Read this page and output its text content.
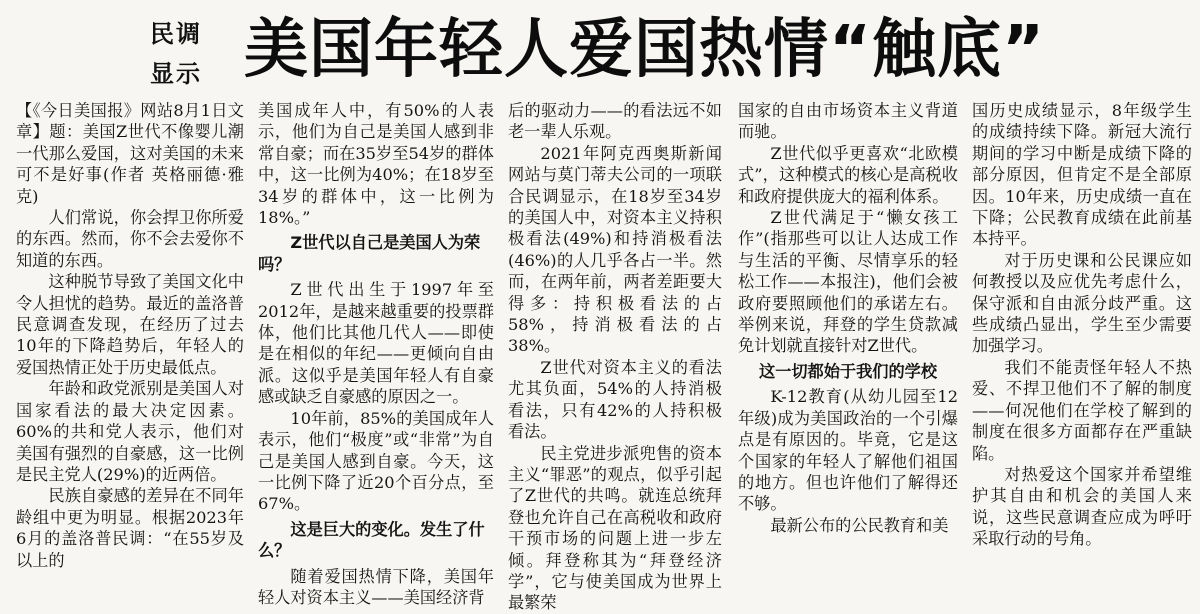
民调
显示 美国年轻人爱国热情“触底”

【《今日美国报》网站8月1日文章】题：美国Z世代不像婴儿潮一代那么爱国，这对美国的未来可不是好事(作者 英格丽德·雅克)

人们常说，你会捍卫你所爱的东西。然而，你不会去爱你不知道的东西。

这种脱节导致了美国文化中令人担忧的趋势。最近的盖洛普民意调查发现，在经历了过去10年的下降趋势后，年轻人的爱国热情正处于历史最低点。

年龄和政党派别是美国人对国家看法的最大决定因素。60%的共和党人表示，他们对美国有强烈的自豪感，这一比例是民主党人(29%)的近两倍。

民族自豪感的差异在不同年龄组中更为明显。根据2023年6月的盖洛普民调：“在55岁及以上的

美国成年人中，有50%的人表示，他们为自己是美国人感到非常自豪；而在35岁至54岁的群体中，这一比例为40%；在18岁至34岁的群体中，这一比例为18%。”

Z世代以自己是美国人为荣吗？

Z世代出生于1997年至2012年，是越来越重要的投票群体，他们比其他几代人——即使是在相似的年纪——更倾向自由派。这似乎是美国年轻人有自豪感或缺乏自豪感的原因之一。

10年前，85%的美国成年人表示，他们“极度”或“非常”为自己是美国人感到自豪。今天，这一比例下降了近20个百分点，至67%。

这是巨大的变化。发生了什么？

随着爱国热情下降，美国年轻人对资本主义——美国经济背

后的驱动力——的看法远不如老一辈人乐观。

2021年阿克西奥斯新闻网站与莫门蒂夫公司的一项联合民调显示，在18岁至34岁的美国人中，对资本主义持积极看法(49%)和持消极看法(46%)的人几乎各占一半。然而，在两年前，两者差距要大得多：持积极看法的占58%，持消极看法的占38%。

Z世代对资本主义的看法尤其负面，54%的人持消极看法，只有42%的人持积极看法。

民主党进步派兜售的资本主义“罪恶”的观点，似乎引起了Z世代的共鸣。就连总统拜登也允许自己在高税收和政府干预市场的问题上进一步左倾。拜登称其为“拜登经济学”，它与使美国成为世界上最繁荣

国家的自由市场资本主义背道而驰。

Z世代似乎更喜欢“北欧模式”，这种模式的核心是高税收和政府提供庞大的福利体系。

Z世代满足于“懒女孩工作”(指那些可以让人达成工作与生活的平衡、尽情享乐的轻松工作——本报注)，他们会被政府要照顾他们的承诺左右。举例来说，拜登的学生贷款减免计划就直接针对Z世代。

这一切都始于我们的学校

K-12教育(从幼儿园至12年级)成为美国政治的一个引爆点是有原因的。毕竟，它是这个国家的年轻人了解他们祖国的地方。但也许他们了解得还不够。

最新公布的公民教育和美

国历史成绩显示，8年级学生的成绩持续下降。新冠大流行期间的学习中断是成绩下降的部分原因，但肯定不是全部原因。10年来，历史成绩一直在下降；公民教育成绩在此前基本持平。

对于历史课和公民课应如何教授以及应优先考虑什么，保守派和自由派分歧严重。这些成绩凸显出，学生至少需要加强学习。

我们不能责怪年轻人不热爱、不捍卫他们不了解的制度——何况他们在学校了解到的制度在很多方面都存在严重缺陷。

对热爱这个国家并希望维护其自由和机会的美国人来说，这些民意调查应成为呼吁采取行动的号角。
